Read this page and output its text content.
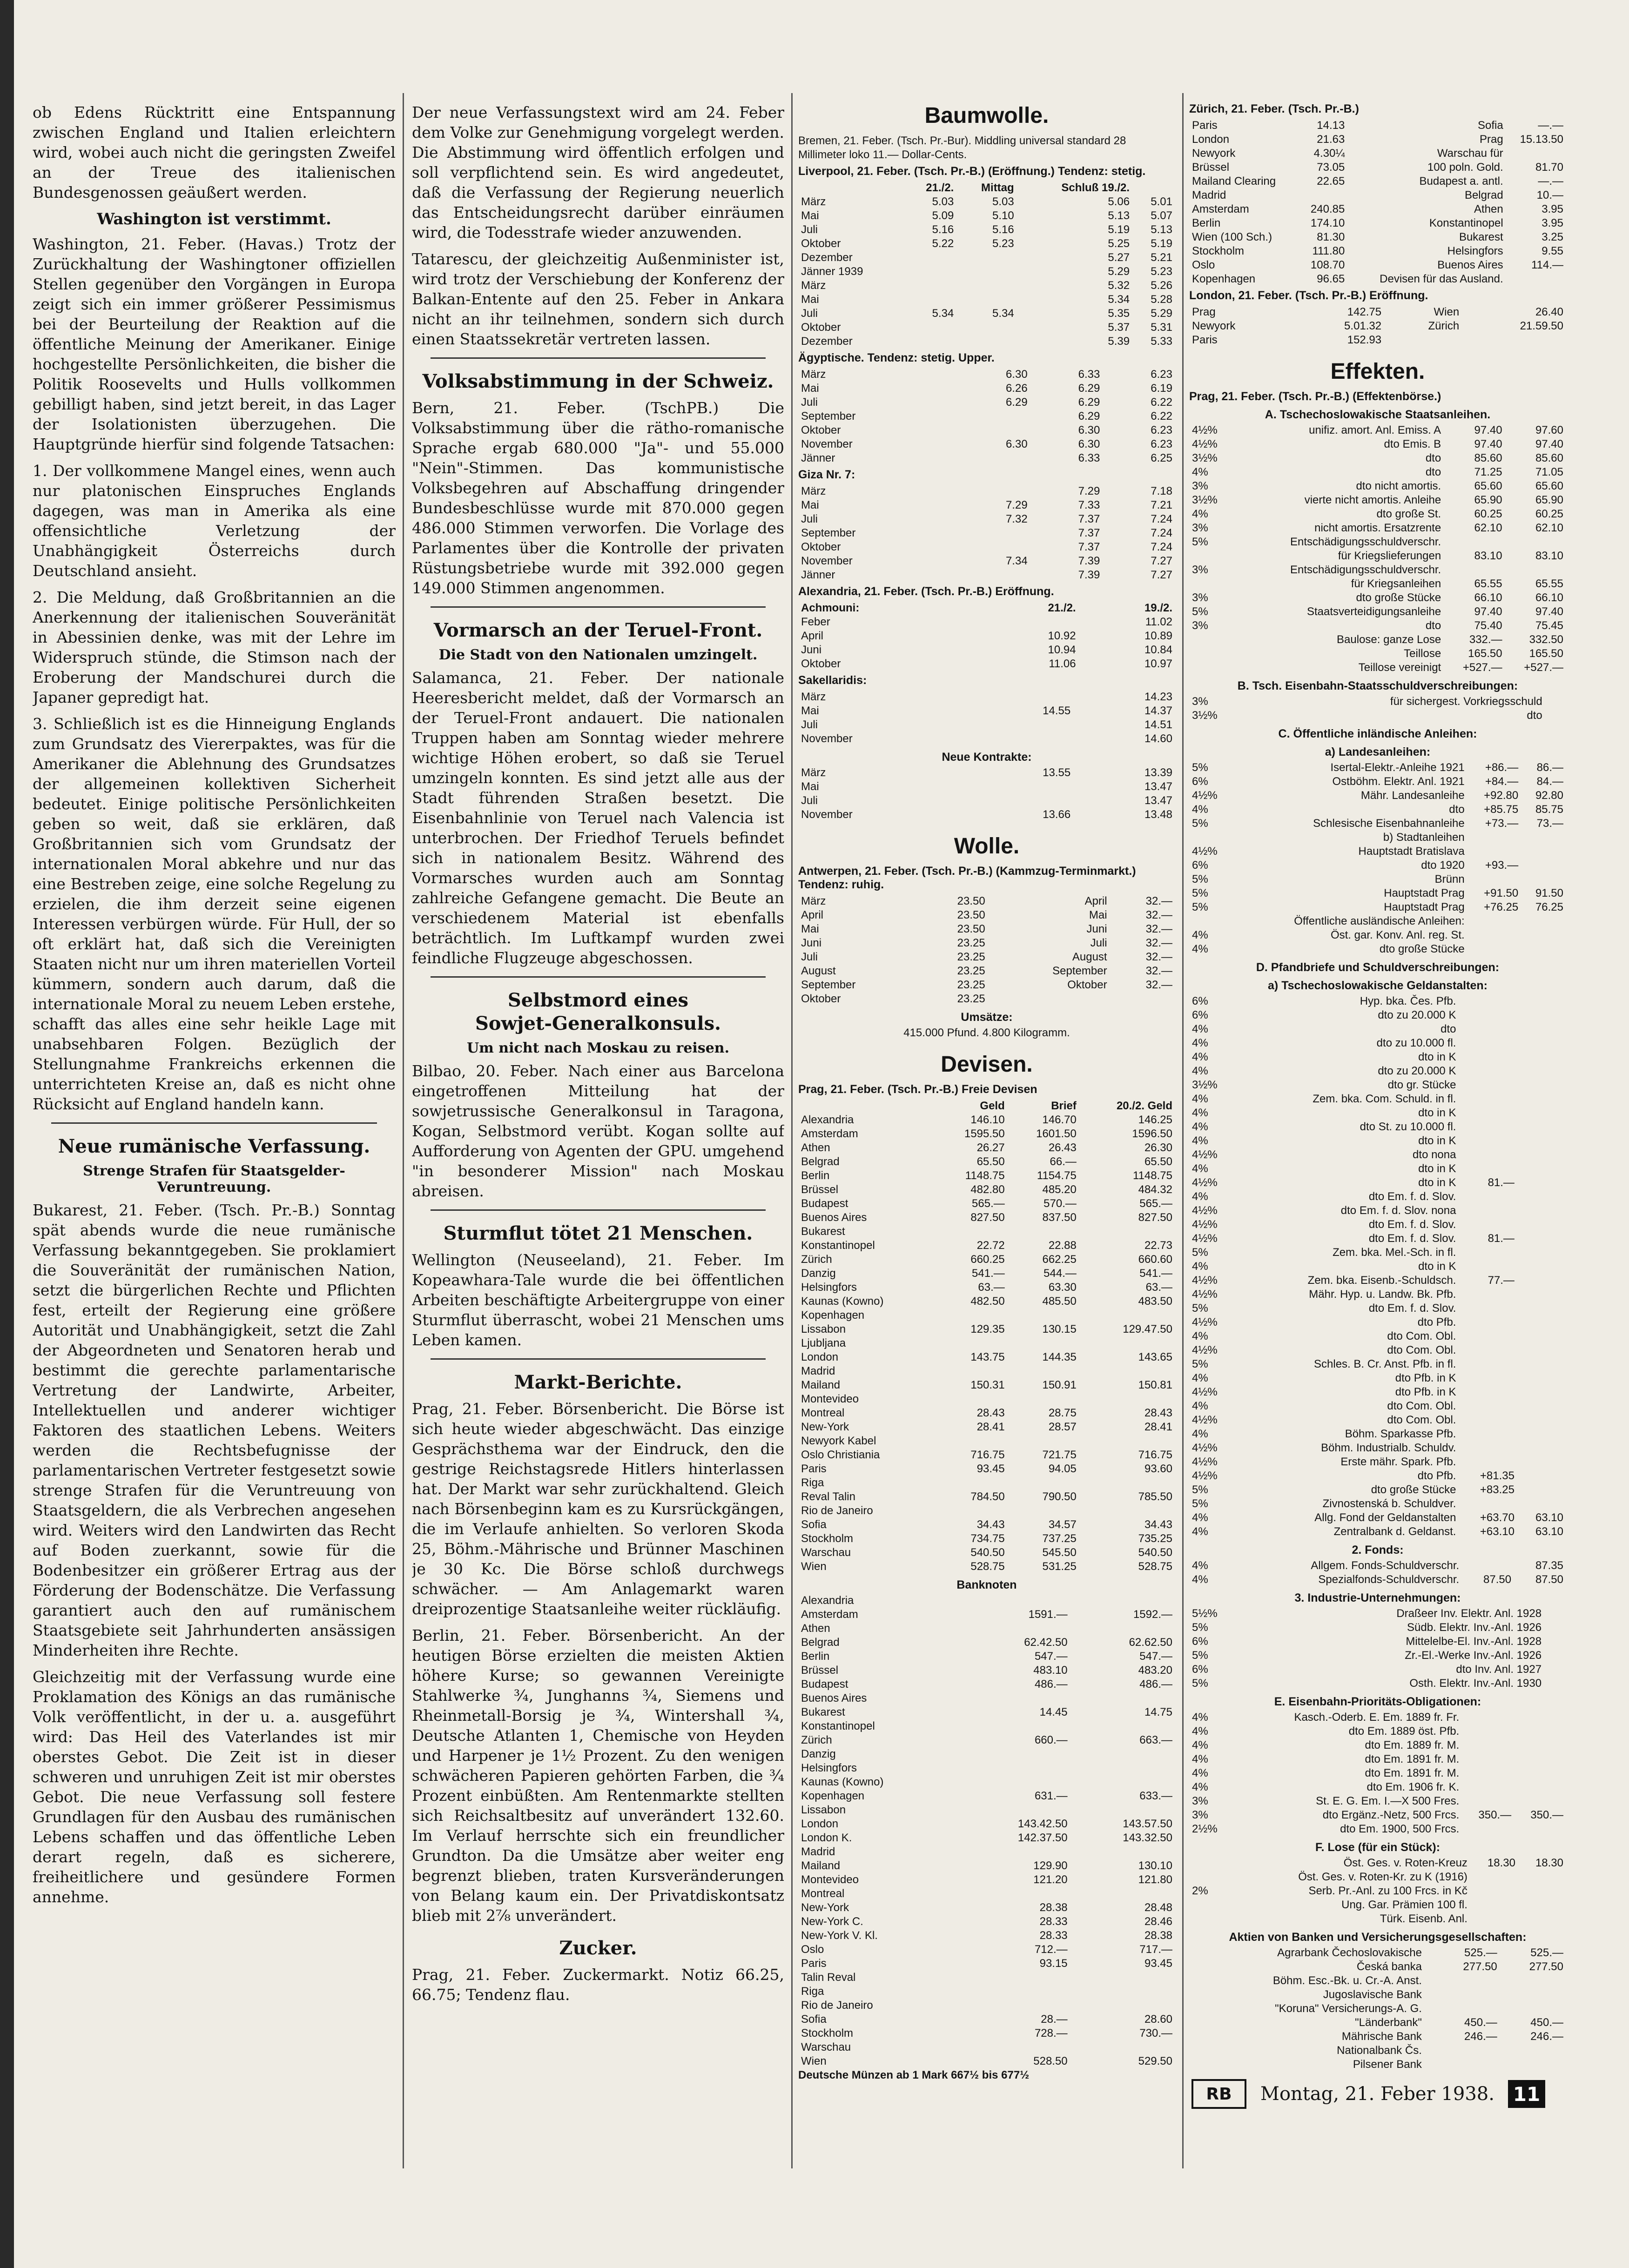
ob Edens Rücktritt eine Entspannung zwischen England und Italien erleichtern wird, wobei auch nicht die geringsten Zweifel an der Treue des italienischen Bundesgenossen geäußert werden.

Washington ist verstimmt.

Washington, 21. Feber. (Havas.) Trotz der Zurückhaltung der Washingtoner offiziellen Stellen gegenüber den Vorgängen in Europa zeigt sich ein immer größerer Pessimismus bei der Beurteilung der Reaktion auf die öffentliche Meinung der Amerikaner. Einige hochgestellte Persönlichkeiten, die bisher die Politik Roosevelts und Hulls vollkommen gebilligt haben, sind jetzt bereit, in das Lager der Isolationisten überzugehen. Die Hauptgründe hierfür sind folgende Tatsachen:

1. Der vollkommene Mangel eines, wenn auch nur platonischen Einspruches Englands dagegen, was man in Amerika als eine offensichtliche Verletzung der Unabhängigkeit Österreichs durch Deutschland ansieht.

2. Die Meldung, daß Großbritannien an die Anerkennung der italienischen Souveränität in Abessinien denke, was mit der Lehre im Widerspruch stünde, die Stimson nach der Eroberung der Mandschurei durch die Japaner gepredigt hat.

3. Schließlich ist es die Hinneigung Englands zum Grundsatz des Viererpaktes, was für die Amerikaner die Ablehnung des Grundsatzes der allgemeinen kollektiven Sicherheit bedeutet. Einige politische Persönlichkeiten geben so weit, daß sie erklären, daß Großbritannien sich vom Grundsatz der internationalen Moral abkehre und nur das eine Bestreben zeige, eine solche Regelung zu erzielen, die ihm derzeit seine eigenen Interessen verbürgen würde. Für Hull, der so oft erklärt hat, daß sich die Vereinigten Staaten nicht nur um ihren materiellen Vorteil kümmern, sondern auch darum, daß die internationale Moral zu neuem Leben erstehe, schafft das alles eine sehr heikle Lage mit unabsehbaren Folgen. Bezüglich der Stellungnahme Frankreichs erkennen die unterrichteten Kreise an, daß es nicht ohne Rücksicht auf England handeln kann.

Neue rumänische Verfassung.
Strenge Strafen für Staatsgelder-Veruntreuung.

Bukarest, 21. Feber. (Tsch. Pr.-B.) Sonntag spät abends wurde die neue rumänische Verfassung bekanntgegeben. Sie proklamiert die Souveränität der rumänischen Nation, setzt die bürgerlichen Rechte und Pflichten fest, erteilt der Regierung eine größere Autorität und Unabhängigkeit, setzt die Zahl der Abgeordneten und Senatoren herab und bestimmt die gerechte parlamentarische Vertretung der Landwirte, Arbeiter, Intellektuellen und anderer wichtiger Faktoren des staatlichen Lebens. Weiters werden die Rechtsbefugnisse der parlamentarischen Vertreter festgesetzt sowie strenge Strafen für die Veruntreuung von Staatsgeldern, die als Verbrechen angesehen wird. Weiters wird den Landwirten das Recht auf Boden zuerkannt, sowie für die Bodenbesitzer ein größerer Ertrag aus der Förderung der Bodenschätze. Die Verfassung garantiert auch den auf rumänischem Staatsgebiete seit Jahrhunderten ansässigen Minderheiten ihre Rechte.

Gleichzeitig mit der Verfassung wurde eine Proklamation des Königs an das rumänische Volk veröffentlicht, in der u. a. ausgeführt wird: Das Heil des Vaterlandes ist mir oberstes Gebot. Die Zeit ist in dieser schweren und unruhigen Zeit ist mir oberstes Gebot. Die neue Verfassung soll festere Grundlagen für den Ausbau des rumänischen Lebens schaffen und das öffentliche Leben derart regeln, daß es sicherere, freiheitlichere und gesündere Formen annehme.

Der neue Verfassungstext wird am 24. Feber dem Volke zur Genehmigung vorgelegt werden. Die Abstimmung wird öffentlich erfolgen und soll verpflichtend sein. Es wird angedeutet, daß die Verfassung der Regierung neuerlich das Entscheidungsrecht darüber einräumen wird, die Todesstrafe wieder anzuwenden.

Tatarescu, der gleichzeitig Außenminister ist, wird trotz der Verschiebung der Konferenz der Balkan-Entente auf den 25. Feber in Ankara nicht an ihr teilnehmen, sondern sich durch einen Staatssekretär vertreten lassen.

Volksabstimmung in der Schweiz.

Bern, 21. Feber. (TschPB.) Die Volksabstimmung über die rätho-romanische Sprache ergab 680.000 "Ja"- und 55.000 "Nein"-Stimmen. Das kommunistische Volksbegehren auf Abschaffung dringender Bundesbeschlüsse wurde mit 870.000 gegen 486.000 Stimmen verworfen. Die Vorlage des Parlamentes über die Kontrolle der privaten Rüstungsbetriebe wurde mit 392.000 gegen 149.000 Stimmen angenommen.

Vormarsch an der Teruel-Front.
Die Stadt von den Nationalen umzingelt.

Salamanca, 21. Feber. Der nationale Heeresbericht meldet, daß der Vormarsch an der Teruel-Front andauert. Die nationalen Truppen haben am Sonntag wieder mehrere wichtige Höhen erobert, so daß sie Teruel umzingeln konnten. Es sind jetzt alle aus der Stadt führenden Straßen besetzt. Die Eisenbahnlinie von Teruel nach Valencia ist unterbrochen. Der Friedhof Teruels befindet sich in nationalem Besitz. Während des Vormarsches wurden auch am Sonntag zahlreiche Gefangene gemacht. Die Beute an verschiedenem Material ist ebenfalls beträchtlich. Im Luftkampf wurden zwei feindliche Flugzeuge abgeschossen.

Selbstmord eines
Sowjet-Generalkonsuls.
Um nicht nach Moskau zu reisen.

Bilbao, 20. Feber. Nach einer aus Barcelona eingetroffenen Mitteilung hat der sowjetrussische Generalkonsul in Taragona, Kogan, Selbstmord verübt. Kogan sollte auf Aufforderung von Agenten der GPU. umgehend "in besonderer Mission" nach Moskau abreisen.

Sturmflut tötet 21 Menschen.

Wellington (Neuseeland), 21. Feber. Im Kopeawhara-Tale wurde die bei öffentlichen Arbeiten beschäftigte Arbeitergruppe von einer Sturmflut überrascht, wobei 21 Menschen ums Leben kamen.

Markt-Berichte.

Prag, 21. Feber. Börsenbericht. Die Börse ist sich heute wieder abgeschwächt. Das einzige Gesprächsthema war der Eindruck, den die gestrige Reichstagsrede Hitlers hinterlassen hat. Der Markt war sehr zurückhaltend. Gleich nach Börsenbeginn kam es zu Kursrückgängen, die im Verlaufe anhielten. So verloren Skoda 25, Böhm.-Mährische und Brünner Maschinen je 30 Kc. Die Börse schloß durchwegs schwächer. — Am Anlagemarkt waren dreiprozentige Staatsanleihe weiter rückläufig.

Berlin, 21. Feber. Börsenbericht. An der heutigen Börse erzielten die meisten Aktien höhere Kurse; so gewannen Vereinigte Stahlwerke ¾, Junghanns ¾, Siemens und Rheinmetall-Borsig je ¾, Wintershall ¾, Deutsche Atlanten 1, Chemische von Heyden und Harpener je 1½ Prozent. Zu den wenigen schwächeren Papieren gehörten Farben, die ¾ Prozent einbüßten. Am Rentenmarkte stellten sich Reichsaltbesitz auf unverändert 132.60. Im Verlauf herrschte sich ein freundlicher Grundton. Da die Umsätze aber weiter eng begrenzt blieben, traten Kursveränderungen von Belang kaum ein. Der Privatdiskontsatz blieb mit 2⅞ unverändert.

Zucker.

Prag, 21. Feber. Zuckermarkt. Notiz 66.25, 66.75; Tendenz flau.

Baumwolle.
Bremen, 21. Feber. (Tsch. Pr.-Bur). Middling universal standard 28 Millimeter loko 11.— Dollar-Cents.
Liverpool, 21. Feber. (Tsch. Pr.-B.) (Eröffnung.) Tendenz: stetig.
	21./2.	Mittag	Schluß 19./2.	
März	5.03	5.03	5.06	5.01
Mai	5.09	5.10	5.13	5.07
Juli	5.16	5.16	5.19	5.13
Oktober	5.22	5.23	5.25	5.19
Dezember			5.27	5.21
Jänner 1939			5.29	5.23
März			5.32	5.26
Mai			5.34	5.28
Juli	5.34	5.34	5.35	5.29
Oktober			5.37	5.31
Dezember			5.39	5.33
Ägyptische. Tendenz: stetig. Upper.
März	6.30	6.33	6.23
Mai	6.26	6.29	6.19
Juli	6.29	6.29	6.22
September		6.29	6.22
Oktober		6.30	6.23
November	6.30	6.30	6.23
Jänner		6.33	6.25
Giza Nr. 7:
März		7.29	7.18
Mai	7.29	7.33	7.21
Juli	7.32	7.37	7.24
September		7.37	7.24
Oktober		7.37	7.24
November	7.34	7.39	7.27
Jänner		7.39	7.27
Alexandria, 21. Feber. (Tsch. Pr.-B.) Eröffnung.
Achmouni:	21./2.	19./2.
Feber		11.02
April	10.92	10.89
Juni	10.94	10.84
Oktober	11.06	10.97
Sakellaridis:
März		14.23
Mai	14.55	14.37
Juli		14.51
November		14.60
Neue Kontrakte:
März	13.55	13.39
Mai		13.47
Juli		13.47
November	13.66	13.48
Wolle.
Antwerpen, 21. Feber. (Tsch. Pr.-B.) (Kammzug-Terminmarkt.) Tendenz: ruhig.
März	23.50	April	32.—
April	23.50	Mai	32.—
Mai	23.50	Juni	32.—
Juni	23.25	Juli	32.—
Juli	23.25	August	32.—
August	23.25	September	32.—
September	23.25	Oktober	32.—
Oktober	23.25		
Umsätze:
415.000 Pfund. 4.800 Kilogramm.
Devisen.
Prag, 21. Feber. (Tsch. Pr.-B.) Freie Devisen
	Geld	Brief	20./2. Geld
Alexandria	146.10	146.70	146.25
Amsterdam	1595.50	1601.50	1596.50
Athen	26.27	26.43	26.30
Belgrad	65.50	66.—	65.50
Berlin	1148.75	1154.75	1148.75
Brüssel	482.80	485.20	484.32
Budapest	565.—	570.—	565.—
Buenos Aires	827.50	837.50	827.50
Bukarest			
Konstantinopel	22.72	22.88	22.73
Zürich	660.25	662.25	660.60
Danzig	541.—	544.—	541.—
Helsingfors	63.—	63.30	63.—
Kaunas (Kowno)	482.50	485.50	483.50
Kopenhagen			
Lissabon	129.35	130.15	129.47.50
Ljubljana			
London	143.75	144.35	143.65
Madrid			
Mailand	150.31	150.91	150.81
Montevideo			
Montreal	28.43	28.75	28.43
New-York	28.41	28.57	28.41
Newyork Kabel			
Oslo Christiania	716.75	721.75	716.75
Paris	93.45	94.05	93.60
Riga			
Reval Talin	784.50	790.50	785.50
Rio de Janeiro			
Sofia	34.43	34.57	34.43
Stockholm	734.75	737.25	735.25
Warschau	540.50	545.50	540.50
Wien	528.75	531.25	528.75
Banknoten
Alexandria		
Amsterdam	1591.—	1592.—
Athen		
Belgrad	62.42.50	62.62.50
Berlin	547.—	547.—
Brüssel	483.10	483.20
Budapest	486.—	486.—
Buenos Aires		
Bukarest	14.45	14.75
Konstantinopel		
Zürich	660.—	663.—
Danzig		
Helsingfors		
Kaunas (Kowno)		
Kopenhagen	631.—	633.—
Lissabon		
London	143.42.50	143.57.50
London K.	142.37.50	143.32.50
Madrid		
Mailand	129.90	130.10
Montevideo	121.20	121.80
Montreal		
New-York	28.38	28.48
New-York C.	28.33	28.46
New-York V. Kl.	28.33	28.38
Oslo	712.—	717.—
Paris	93.15	93.45
Talin Reval		
Riga		
Rio de Janeiro		
Sofia	28.—	28.60
Stockholm	728.—	730.—
Warschau		
Wien	528.50	529.50
Deutsche Münzen ab 1 Mark 667½ bis 677½
Zürich, 21. Feber. (Tsch. Pr.-B.)
Paris	14.13	Sofia	—.—
London	21.63	Prag	15.13.50
Newyork	4.30¼	Warschau für	
Brüssel	73.05	100 poln. Gold.	81.70
Mailand Clearing	22.65	Budapest a. antl.	—.—
Madrid		Belgrad	10.—
Amsterdam	240.85	Athen	3.95
Berlin	174.10	Konstantinopel	3.95
Wien (100 Sch.)	81.30	Bukarest	3.25
Stockholm	111.80	Helsingfors	9.55
Oslo	108.70	Buenos Aires	114.—
Kopenhagen	96.65	Devisen für das Ausland.	
London, 21. Feber. (Tsch. Pr.-B.) Eröffnung.
Prag	142.75	Wien	26.40
Newyork	5.01.32	Zürich	21.59.50
Paris	152.93		
Effekten.
Prag, 21. Feber. (Tsch. Pr.-B.) (Effektenbörse.)
A. Tschechoslowakische Staatsanleihen.
4½%	unifiz. amort. Anl. Emiss. A	97.40	97.60
4½%	dto Emis. B	97.40	97.40
3½%	dto	85.60	85.60
4%	dto	71.25	71.05
3%	dto nicht amortis.	65.60	65.60
3½%	vierte nicht amortis. Anleihe	65.90	65.90
4%	dto große St.	60.25	60.25
3%	nicht amortis. Ersatzrente	62.10	62.10
5%	Entschädigungsschuldverschr.		
	für Kriegslieferungen	83.10	83.10
3%	Entschädigungsschuldverschr.		
	für Kriegsanleihen	65.55	65.55
3%	dto große Stücke	66.10	66.10
5%	Staatsverteidigungsanleihe	97.40	97.40
3%	dto	75.40	75.45
	Baulose: ganze Lose	332.—	332.50
	Teillose	165.50	165.50
	Teillose vereinigt	+527.—	+527.—
B. Tsch. Eisenbahn-Staatsschuldverschreibungen:
3%	für sichergest. Vorkriegsschuld		
3½%	dto		
C. Öffentliche inländische Anleihen:
a) Landesanleihen:
5%	Isertal-Elektr.-Anleihe 1921	+86.—	86.—
6%	Ostböhm. Elektr. Anl. 1921	+84.—	84.—
4½%	Mähr. Landesanleihe	+92.80	92.80
4%	dto	+85.75	85.75
5%	Schlesische Eisenbahnanleihe	+73.—	73.—
	b) Stadtanleihen		
4½%	Hauptstadt Bratislava		
6%	dto 1920	+93.—	
5%	Brünn		
5%	Hauptstadt Prag	+91.50	91.50
5%	Hauptstadt Prag	+76.25	76.25
	Öffentliche ausländische Anleihen:		
4%	Öst. gar. Konv. Anl. reg. St.		
4%	dto große Stücke		
D. Pfandbriefe und Schuldverschreibungen:
a) Tschechoslowakische Geldanstalten:
6%	Hyp. bka. Čes. Pfb.		
6%	dto zu 20.000 K		
4%	dto		
4%	dto zu 10.000 fl.		
4%	dto in K		
4%	dto zu 20.000 K		
3½%	dto gr. Stücke		
4%	Zem. bka. Com. Schuld. in fl.		
4%	dto in K		
4%	dto St. zu 10.000 fl.		
4%	dto in K		
4½%	dto nona		
4%	dto in K		
4½%	dto in K	81.—	
4%	dto Em. f. d. Slov.		
4½%	dto Em. f. d. Slov. nona		
4½%	dto Em. f. d. Slov.		
4½%	dto Em. f. d. Slov.	81.—	
5%	Zem. bka. Mel.-Sch. in fl.		
4%	dto in K		
4½%	Zem. bka. Eisenb.-Schuldsch.	77.—	
4½%	Mähr. Hyp. u. Landw. Bk. Pfb.		
5%	dto Em. f. d. Slov.		
4½%	dto Pfb.		
4%	dto Com. Obl.		
4½%	dto Com. Obl.		
5%	Schles. B. Cr. Anst. Pfb. in fl.		
4%	dto Pfb. in K		
4½%	dto Pfb. in K		
4%	dto Com. Obl.		
4½%	dto Com. Obl.		
4%	Böhm. Sparkasse Pfb.		
4½%	Böhm. Industrialb. Schuldv.		
4½%	Erste mähr. Spark. Pfb.		
4½%	dto Pfb.	+81.35	
5%	dto große Stücke	+83.25	
5%	Zivnostenská b. Schuldver.		
4%	Allg. Fond der Geldanstalten	+63.70	63.10
4%	Zentralbank d. Geldanst.	+63.10	63.10
2. Fonds:
4%	Allgem. Fonds-Schuldverschr.		87.35
4%	Spezialfonds-Schuldverschr.	87.50	87.50
3. Industrie-Unternehmungen:
5½%	Draßeer Inv. Elektr. Anl. 1928		
5%	Südb. Elektr. Inv.-Anl. 1926		
6%	Mittelelbe-El. Inv.-Anl. 1928		
5%	Zr.-El.-Werke Inv.-Anl. 1926		
6%	dto Inv. Anl. 1927		
5%	Osth. Elektr. Inv.-Anl. 1930		
E. Eisenbahn-Prioritäts-Obligationen:
4%	Kasch.-Oderb. E. Em. 1889 fr. Fr.		
4%	dto Em. 1889 öst. Pfb.		
4%	dto Em. 1889 fr. M.		
4%	dto Em. 1891 fr. M.		
4%	dto Em. 1891 fr. M.		
4%	dto Em. 1906 fr. K.		
3%	St. E. G. Em. I.—X 500 Fres.		
3%	dto Ergänz.-Netz, 500 Frcs.	350.—	350.—
2½%	dto Em. 1900, 500 Frcs.		
F. Lose (für ein Stück):
	Öst. Ges. v. Roten-Kreuz	18.30	18.30
	Öst. Ges. v. Roten-Kr. zu K (1916)		
2%	Serb. Pr.-Anl. zu 100 Frcs. in Kč		
	Ung. Gar. Prämien 100 fl.		
	Türk. Eisenb. Anl.		
Aktien von Banken und Versicherungsgesellschaften:
	Agrarbank Čechoslovakische	525.—	525.—
	Česká banka	277.50	277.50
	Böhm. Esc.-Bk. u. Cr.-A. Anst.		
	Jugoslavische Bank		
	"Koruna" Versicherungs-A. G.		
	"Länderbank"	450.—	450.—
	Mährische Bank	246.—	246.—
	Nationalbank Čs.		
	Pilsener Bank		

RB	Montag, 21. Feber 1938. 11
